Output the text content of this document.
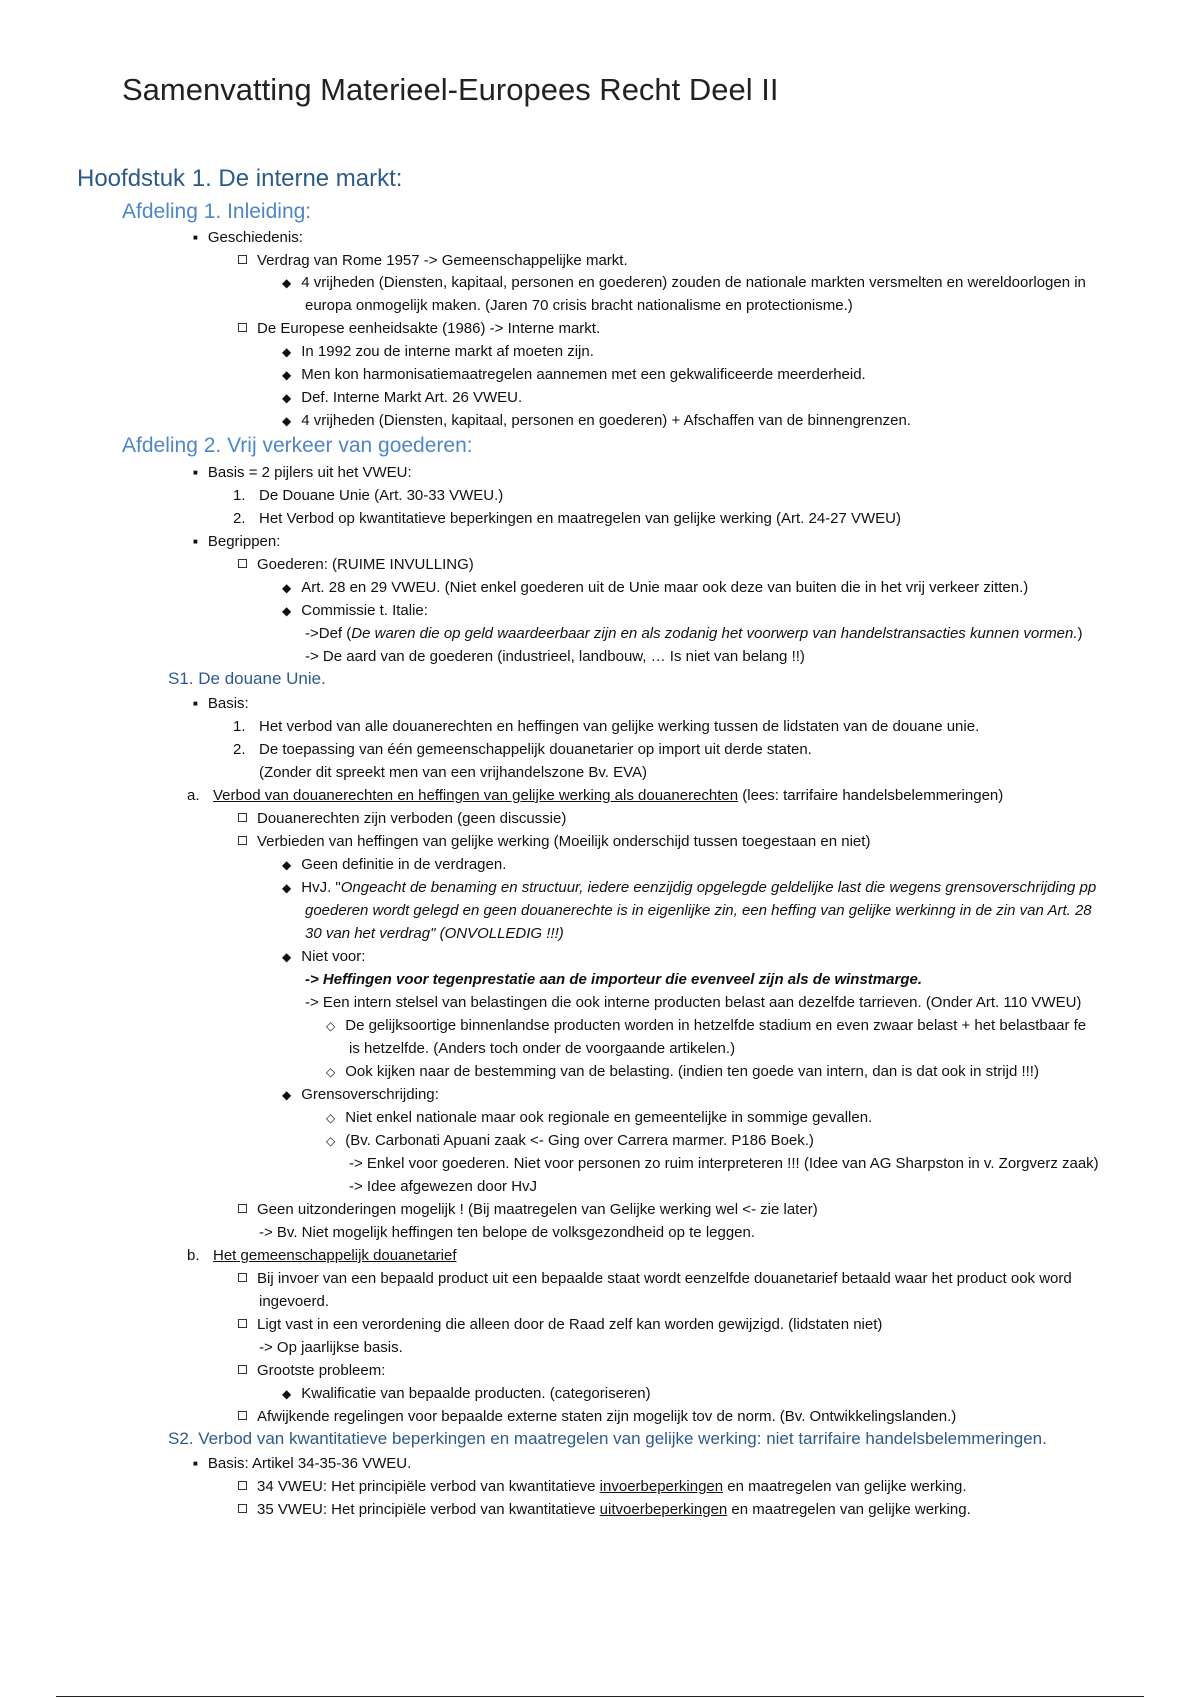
Samenvatting Materieel-Europees Recht Deel II
Hoofdstuk 1. De interne markt:
Afdeling 1. Inleiding:
■ Geschiedenis:
Verdrag van Rome 1957 -> Gemeenschappelijke markt.
◆ 4 vrijheden (Diensten, kapitaal, personen en goederen) zouden de nationale markten versmelten en wereldoorlogen in
europa onmogelijk maken. (Jaren 70 crisis bracht nationalisme en protectionisme.)
De Europese eenheidsakte (1986) -> Interne markt.
◆ In 1992 zou de interne markt af moeten zijn.
◆ Men kon harmonisatiemaatregelen aannemen met een gekwalificeerde meerderheid.
◆ Def. Interne Markt Art. 26 VWEU.
◆ 4 vrijheden (Diensten, kapitaal, personen en goederen) + Afschaffen van de binnengrenzen.
Afdeling 2. Vrij verkeer van goederen:
■ Basis = 2 pijlers uit het VWEU:
1. De Douane Unie (Art. 30-33 VWEU.)
2. Het Verbod op kwantitatieve beperkingen en maatregelen van gelijke werking (Art. 24-27 VWEU)
■ Begrippen:
Goederen: (RUIME INVULLING)
◆ Art. 28 en 29 VWEU. (Niet enkel goederen uit de Unie maar ook deze van buiten die in het vrij verkeer zitten.)
◆ Commissie t. Italie:
->Def (De waren die op geld waardeerbaar zijn en als zodanig het voorwerp van handelstransacties kunnen vormen.)
-> De aard van de goederen (industrieel, landbouw, … Is niet van belang !!)
S1. De douane Unie.
■ Basis:
1. Het verbod van alle douanerechten en heffingen van gelijke werking tussen de lidstaten van de douane unie.
2. De toepassing van één gemeenschappelijk douanetarier op import uit derde staten.
(Zonder dit spreekt men van een vrijhandelszone Bv. EVA)
a. Verbod van douanerechten en heffingen van gelijke werking als douanerechten (lees: tarrifaire handelsbelemmeringen)
Douanerechten zijn verboden (geen discussie)
Verbieden van heffingen van gelijke werking (Moeilijk onderschijd tussen toegestaan en niet)
◆ Geen definitie in de verdragen.
◆ HvJ. "Ongeacht de benaming en structuur, iedere eenzijdig opgelegde geldelijke last die wegens grensoverschrijding pp
goederen wordt gelegd en geen douanerechte is in eigenlijke zin, een heffing van gelijke werkinng in de zin van Art. 28
30 van het verdrag" (ONVOLLEDIG !!!)
◆ Niet voor:
-> Heffingen voor tegenprestatie aan de importeur die evenveel zijn als de winstmarge.
-> Een intern stelsel van belastingen die ook interne producten belast aan dezelfde tarrieven. (Onder Art. 110 VWEU)
◇ De gelijksoortige binnenlandse producten worden in hetzelfde stadium en even zwaar belast + het belastbaar fe
is hetzelfde. (Anders toch onder de voorgaande artikelen.)
◇ Ook kijken naar de bestemming van de belasting. (indien ten goede van intern, dan is dat ook in strijd !!!)
◆ Grensoverschrijding:
◇ Niet enkel nationale maar ook regionale en gemeentelijke in sommige gevallen.
◇ (Bv. Carbonati Apuani zaak <- Ging over Carrera marmer. P186 Boek.)
-> Enkel voor goederen. Niet voor personen zo ruim interpreteren !!! (Idee van AG Sharpston in v. Zorgverz zaak)
-> Idee afgewezen door HvJ
Geen uitzonderingen mogelijk ! (Bij maatregelen van Gelijke werking wel <- zie later)
-> Bv. Niet mogelijk heffingen ten belope de volksgezondheid op te leggen.
b. Het gemeenschappelijk douanetarief
Bij invoer van een bepaald product uit een bepaalde staat wordt eenzelfde douanetarief betaald waar het product ook word
ingevoerd.
Ligt vast in een verordening die alleen door de Raad zelf kan worden gewijzigd. (lidstaten niet)
-> Op jaarlijkse basis.
Grootste probleem:
◆ Kwalificatie van bepaalde producten. (categoriseren)
Afwijkende regelingen voor bepaalde externe staten zijn mogelijk tov de norm. (Bv. Ontwikkelingslanden.)
S2. Verbod van kwantitatieve beperkingen en maatregelen van gelijke werking: niet tarrifaire handelsbelemmeringen.
■ Basis: Artikel 34-35-36 VWEU.
34 VWEU: Het principiële verbod van kwantitatieve invoerbeperkingen en maatregelen van gelijke werking.
35 VWEU: Het principiële verbod van kwantitatieve uitvoerbeperkingen en maatregelen van gelijke werking.
